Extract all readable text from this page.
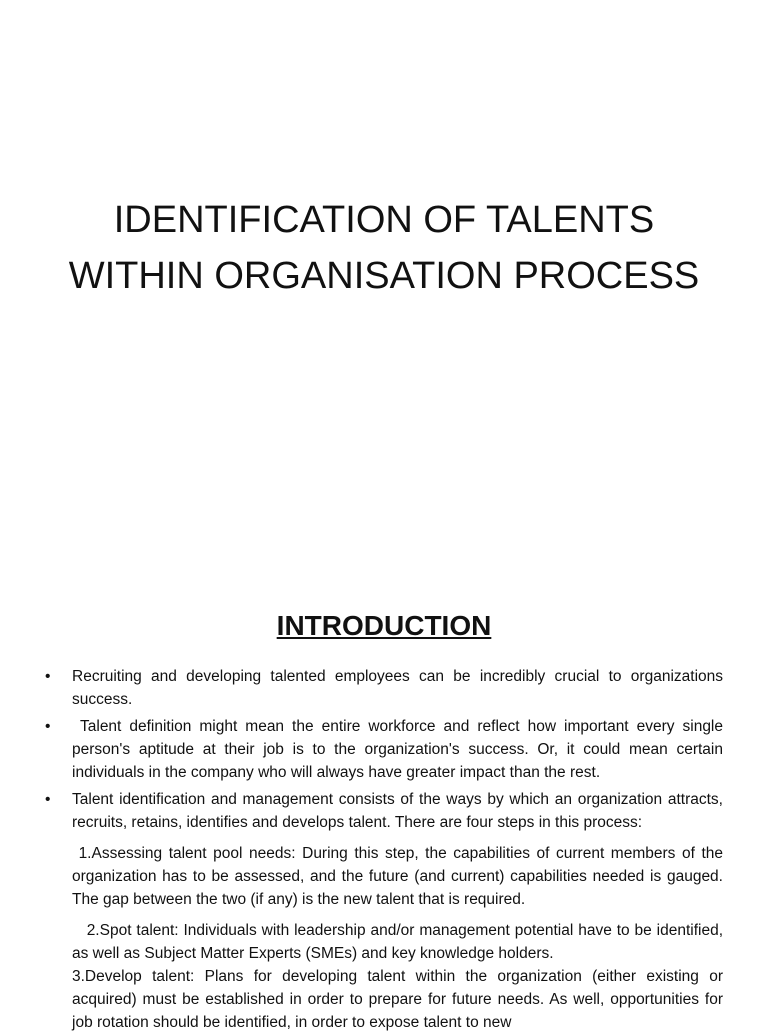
IDENTIFICATION OF TALENTS
WITHIN ORGANISATION PROCESS
INTRODUCTION

• Recruiting and developing talented employees can be incredibly crucial to organizations success.

• Talent definition might mean the entire workforce and reflect how important every single person's aptitude at their job is to the organization's success. Or, it could mean certain individuals in the company who will always have greater impact than the rest.

• Talent identification and management consists of the ways by which an organization attracts, recruits, retains, identifies and develops talent. There are four steps in this process:

1.Assessing talent pool needs: During this step, the capabilities of current members of the organization has to be assessed, and the future (and current) capabilities needed is gauged. The gap between the two (if any) is the new talent that is required.

2.Spot talent: Individuals with leadership and/or management potential have to be identified, as well as Subject Matter Experts (SMEs) and key knowledge holders.

3.Develop talent: Plans for developing talent within the organization (either existing or acquired) must be established in order to prepare for future needs. As well, opportunities for job rotation should be identified, in order to expose talent to new
